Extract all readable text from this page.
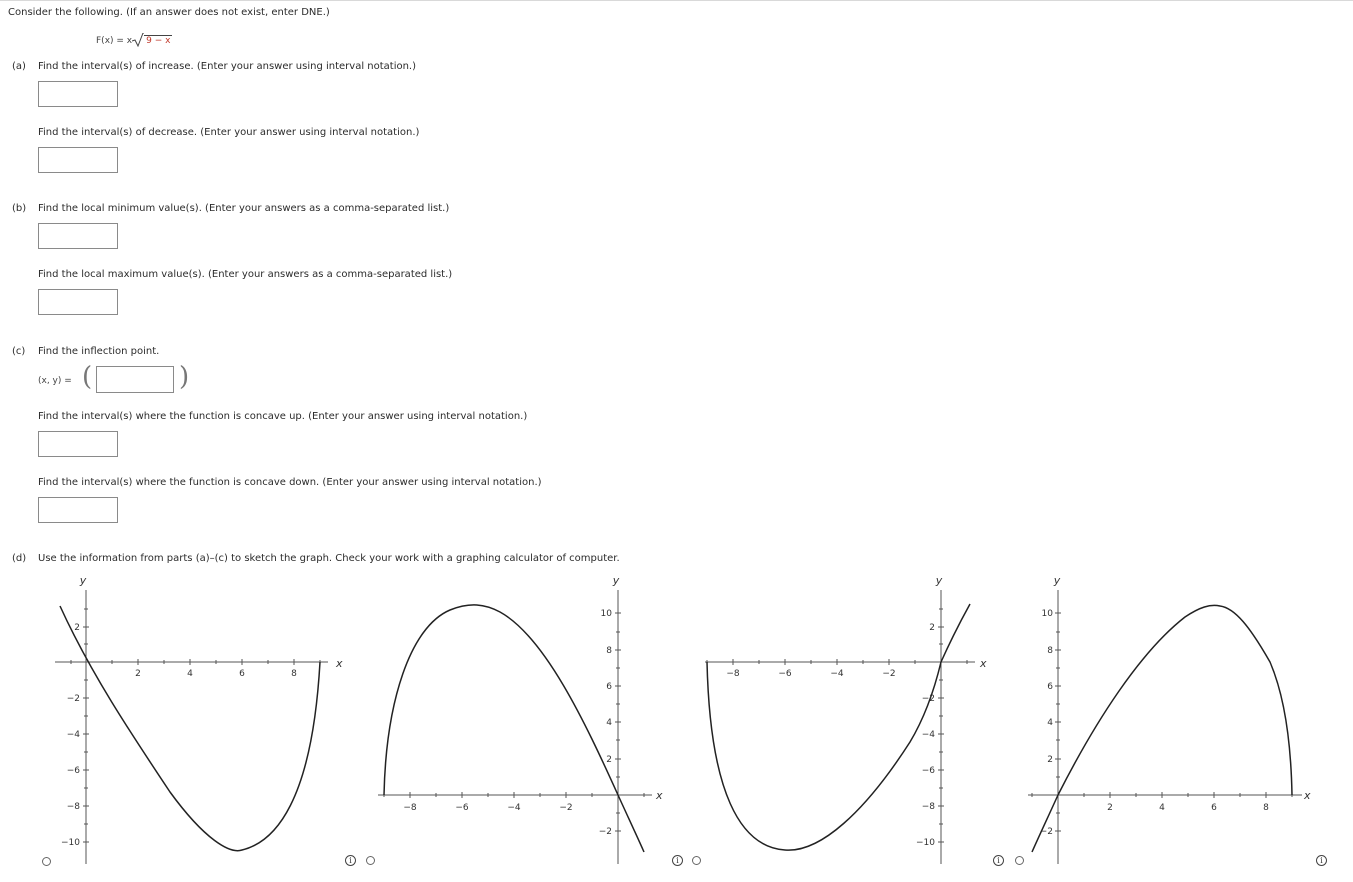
Consider the following. (If an answer does not exist, enter DNE.)
F(x) = x 9 − x
(a) Find the interval(s) of increase. (Enter your answer using interval notation.)
Find the interval(s) of decrease. (Enter your answer using interval notation.)
(b) Find the local minimum value(s). (Enter your answers as a comma-separated list.)
Find the local maximum value(s). (Enter your answers as a comma-separated list.)
(c) Find the inflection point.
(x, y) = (	)
Find the interval(s) where the function is concave up. (Enter your answer using interval notation.)
Find the interval(s) where the function is concave down. (Enter your answer using interval notation.)
(d) Use the information from parts (a)–(c) to sketch the graph. Check your work with a graphing calculator of computer.
2	4	6	8
2
−2
−4
−6
−8
−10
y
x
−8	−6	−4	−2
10
8
6
4
2
−2
y
x
i
−8	−6	−4	−2
2
−2
−4
−6
−8
−10
y
x
i
i
2	4	6	8
10
8
6
4
2
−2
y
x
i
